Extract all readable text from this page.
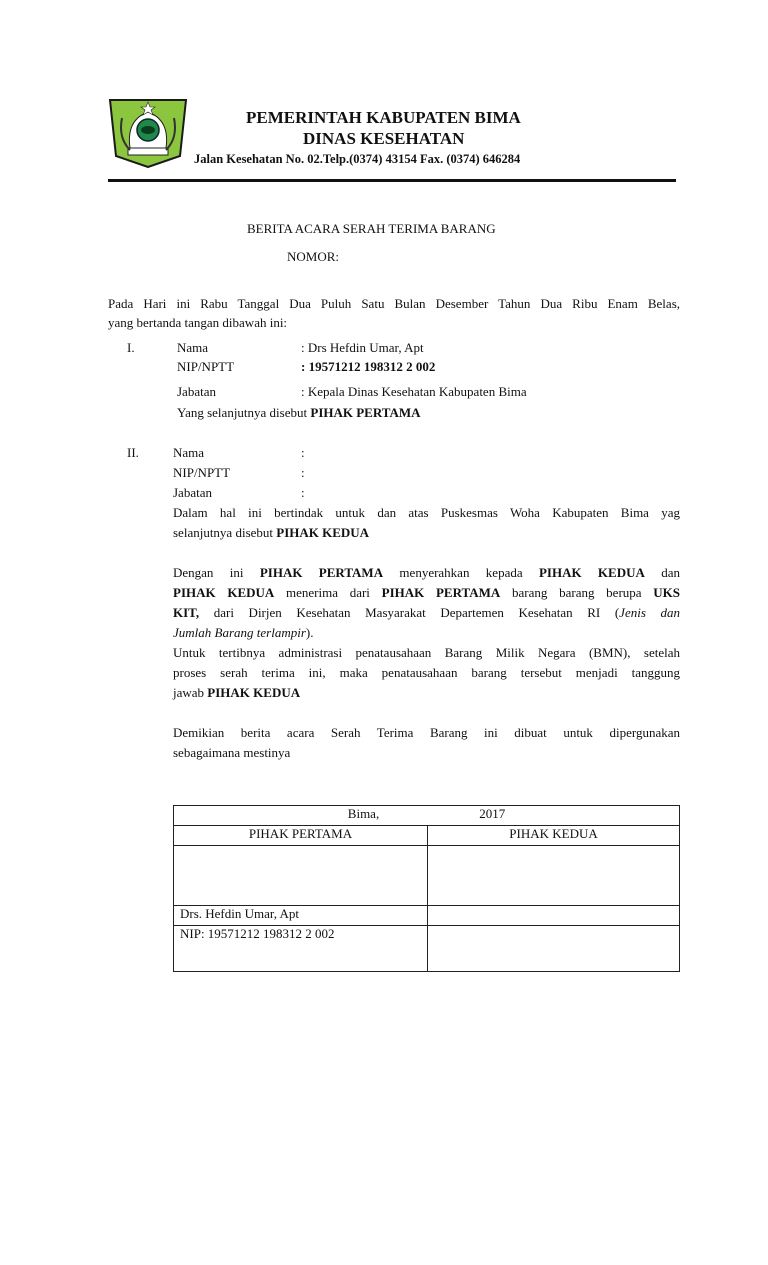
PEMERINTAH KABUPATEN BIMA
DINAS KESEHATAN
Jalan Kesehatan No. 02.Telp.(0374) 43154 Fax. (0374) 646284
BERITA ACARA SERAH TERIMA BARANG
NOMOR:
Pada Hari ini Rabu Tanggal Dua Puluh Satu Bulan Desember Tahun Dua Ribu Enam Belas,
yang bertanda tangan dibawah ini:
I.	Nama	: Drs Hefdin Umar, Apt
NIP/NPTT	: 19571212 198312 2 002
Jabatan	: Kepala Dinas Kesehatan Kabupaten Bima
Yang selanjutnya disebut PIHAK PERTAMA
II.	Nama	:
NIP/NPTT	:
Jabatan	:
Dalam hal ini bertindak untuk dan atas Puskesmas Woha Kabupaten Bima yag
selanjutnya disebut PIHAK KEDUA
Dengan ini PIHAK PERTAMA menyerahkan kepada PIHAK KEDUA dan
PIHAK KEDUA menerima dari PIHAK PERTAMA barang barang berupa UKS
KIT, dari Dirjen Kesehatan Masyarakat Departemen Kesehatan RI (Jenis dan
Jumlah Barang terlampir).
Untuk tertibnya administrasi penatausahaan Barang Milik Negara (BMN), setelah
proses serah terima ini, maka penatausahaan barang tersebut menjadi tanggung
jawab PIHAK KEDUA
Demikian berita acara Serah Terima Barang ini dibuat untuk dipergunakan
sebagaimana mestinya
Bima, 2017	
PIHAK PERTAMA	PIHAK KEDUA

Drs. Hefdin Umar, Apt	
NIP: 19571212 198312 2 002	
